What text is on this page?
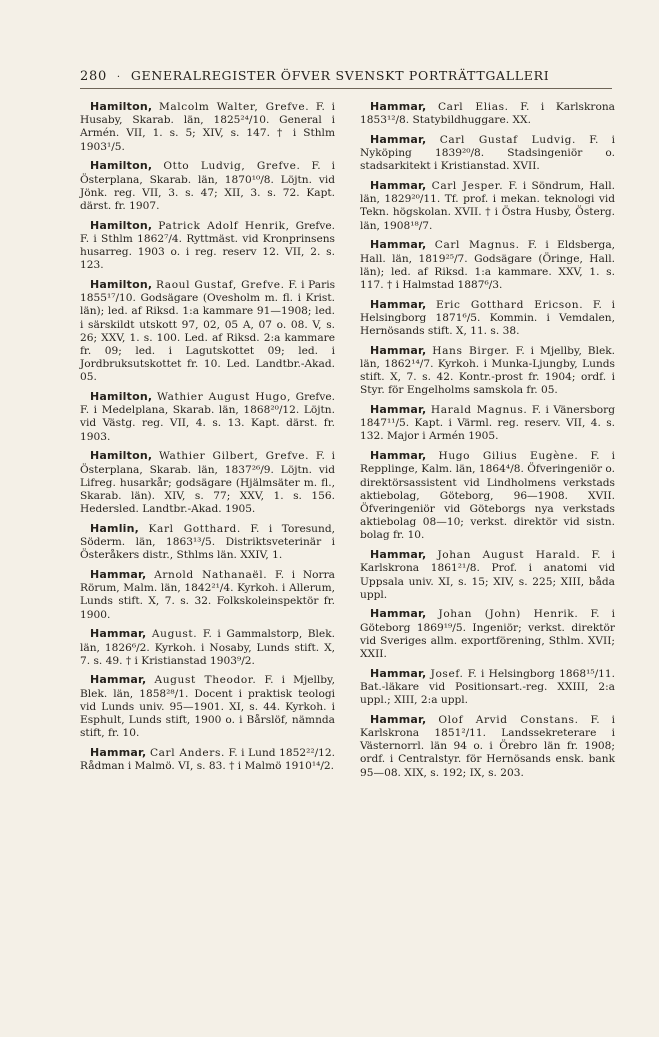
280 · GENERALREGISTER ÖFVER SVENSKT PORTRÄTTGALLERI

Hamilton, Malcolm Walter, Grefve. F. i Husaby, Skarab. län, 1825²⁴/10. General i Armén. VII, 1. s. 5; XIV, s. 147. † i Sthlm 1903¹/5.

Hamilton, Otto Ludvig, Grefve. F. i Österplana, Skarab. län, 1870¹⁰/8. Löjtn. vid Jönk. reg. VII, 3. s. 47; XII, 3. s. 72. Kapt. därst. fr. 1907.

Hamilton, Patrick Adolf Henrik, Grefve. F. i Sthlm 1862⁷/4. Ryttmäst. vid Kronprinsens husarreg. 1903 o. i reg. reserv 12. VII, 2. s. 123.

Hamilton, Raoul Gustaf, Grefve. F. i Paris 1855¹⁷/10. Godsägare (Ovesholm m. fl. i Krist. län); led. af Riksd. 1:a kammare 91—1908; led. i särskildt utskott 97, 02, 05 A, 07 o. 08. V, s. 26; XXV, 1. s. 100. Led. af Riksd. 2:a kammare fr. 09; led. i Lagutskottet 09; led. i Jordbruksutskottet fr. 10. Led. Landtbr.-Akad. 05.

Hamilton, Wathier August Hugo, Grefve. F. i Medelplana, Skarab. län, 1868²⁰/12. Löjtn. vid Västg. reg. VII, 4. s. 13. Kapt. därst. fr. 1903.

Hamilton, Wathier Gilbert, Grefve. F. i Österplana, Skarab. län, 1837²⁶/9. Löjtn. vid Lifreg. husarkår; godsägare (Hjälmsäter m. fl., Skarab. län). XIV, s. 77; XXV, 1. s. 156. Hedersled. Landtbr.-Akad. 1905.

Hamlin, Karl Gotthard. F. i Toresund, Söderm. län, 1863¹³/5. Distriktsveterinär i Österåkers distr., Sthlms län. XXIV, 1.

Hammar, Arnold Nathanaël. F. i Norra Rörum, Malm. län, 1842²¹/4. Kyrkoh. i Allerum, Lunds stift. X, 7. s. 32. Folkskoleinspektör fr. 1900.

Hammar, August. F. i Gammalstorp, Blek. län, 1826⁶/2. Kyrkoh. i Nosaby, Lunds stift. X, 7. s. 49. † i Kristianstad 1903⁹/2.

Hammar, August Theodor. F. i Mjellby, Blek. län, 1858²⁸/1. Docent i praktisk teologi vid Lunds univ. 95—1901. XI, s. 44. Kyrkoh. i Esphult, Lunds stift, 1900 o. i Bårslöf, nämnda stift, fr. 10.

Hammar, Carl Anders. F. i Lund 1852²²/12. Rådman i Malmö. VI, s. 83. † i Malmö 1910¹⁴/2.

Hammar, Carl Elias. F. i Karlskrona 1853¹²/8. Statybildhuggare. XX.

Hammar, Carl Gustaf Ludvig. F. i Nyköping 1839²⁰/8. Stadsingeniör o. stadsarkitekt i Kristianstad. XVII.

Hammar, Carl Jesper. F. i Söndrum, Hall. län, 1829²⁰/11. Tf. prof. i mekan. teknologi vid Tekn. högskolan. XVII. † i Östra Husby, Österg. län, 1908¹⁸/7.

Hammar, Carl Magnus. F. i Eldsberga, Hall. län, 1819²⁵/7. Godsägare (Öringe, Hall. län); led. af Riksd. 1:a kammare. XXV, 1. s. 117. † i Halmstad 1887⁶/3.

Hammar, Eric Gotthard Ericson. F. i Helsingborg 1871⁶/5. Kommin. i Vemdalen, Hernösands stift. X, 11. s. 38.

Hammar, Hans Birger. F. i Mjellby, Blek. län, 1862¹⁴/7. Kyrkoh. i Munka-Ljungby, Lunds stift. X, 7. s. 42. Kontr.-prost fr. 1904; ordf. i Styr. för Engelholms samskola fr. 05.

Hammar, Harald Magnus. F. i Vänersborg 1847¹¹/5. Kapt. i Värml. reg. reserv. VII, 4. s. 132. Major i Armén 1905.

Hammar, Hugo Gilius Eugène. F. i Repplinge, Kalm. län, 1864⁴/8. Öfveringeniör o. direktörsassistent vid Lindholmens verkstads aktiebolag, Göteborg, 96—1908. XVII. Öfveringeniör vid Göteborgs nya verkstads aktiebolag 08—10; verkst. direktör vid sistn. bolag fr. 10.

Hammar, Johan August Harald. F. i Karlskrona 1861²¹/8. Prof. i anatomi vid Uppsala univ. XI, s. 15; XIV, s. 225; XIII, båda uppl.

Hammar, Johan (John) Henrik. F. i Göteborg 1869¹⁹/5. Ingeniör; verkst. direktör vid Sveriges allm. exportförening, Sthlm. XVII; XXII.

Hammar, Josef. F. i Helsingborg 1868¹⁵/11. Bat.-läkare vid Positionsart.-reg. XXIII, 2:a uppl.; XIII, 2:a uppl.

Hammar, Olof Arvid Constans. F. i Karlskrona 1851²/11. Landssekreterare i Västernorrl. län 94 o. i Örebro län fr. 1908; ordf. i Centralstyr. för Hernösands ensk. bank 95—08. XIX, s. 192; IX, s. 203.
